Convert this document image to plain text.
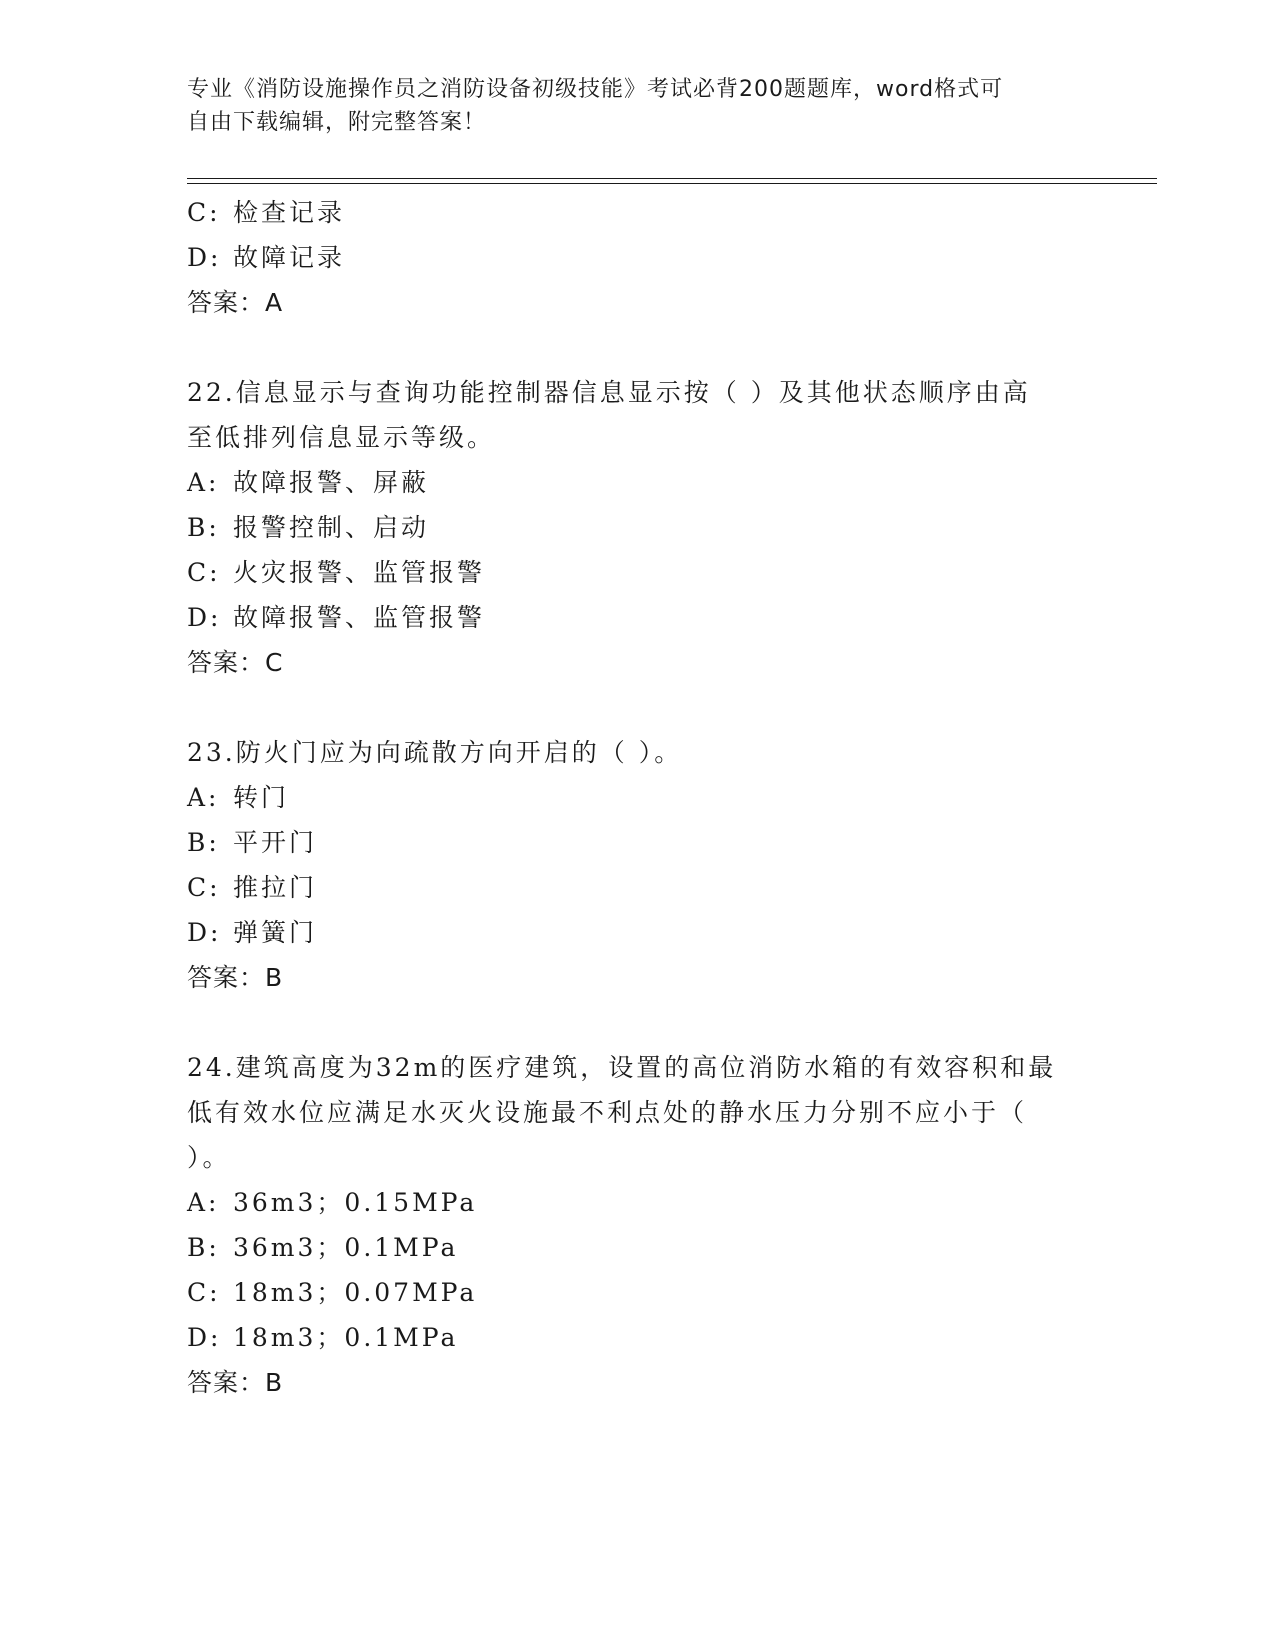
专业《消防设施操作员之消防设备初级技能》考试必背200题题库，word格式可
自由下载编辑，附完整答案！
C: 检查记录
D: 故障记录
答案：A
22.信息显示与查询功能控制器信息显示按（ ）及其他状态顺序由高
至低排列信息显示等级。
A: 故障报警、屏蔽
B: 报警控制、启动
C: 火灾报警、监管报警
D: 故障报警、监管报警
答案：C
23.防火门应为向疏散方向开启的（ ）。
A: 转门
B: 平开门
C: 推拉门
D: 弹簧门
答案：B
24.建筑高度为32m的医疗建筑，设置的高位消防水箱的有效容积和最
低有效水位应满足水灭火设施最不利点处的静水压力分别不应小于（
）。
A: 36m3；0.15MPa
B: 36m3；0.1MPa
C: 18m3；0.07MPa
D: 18m3；0.1MPa
答案：B
